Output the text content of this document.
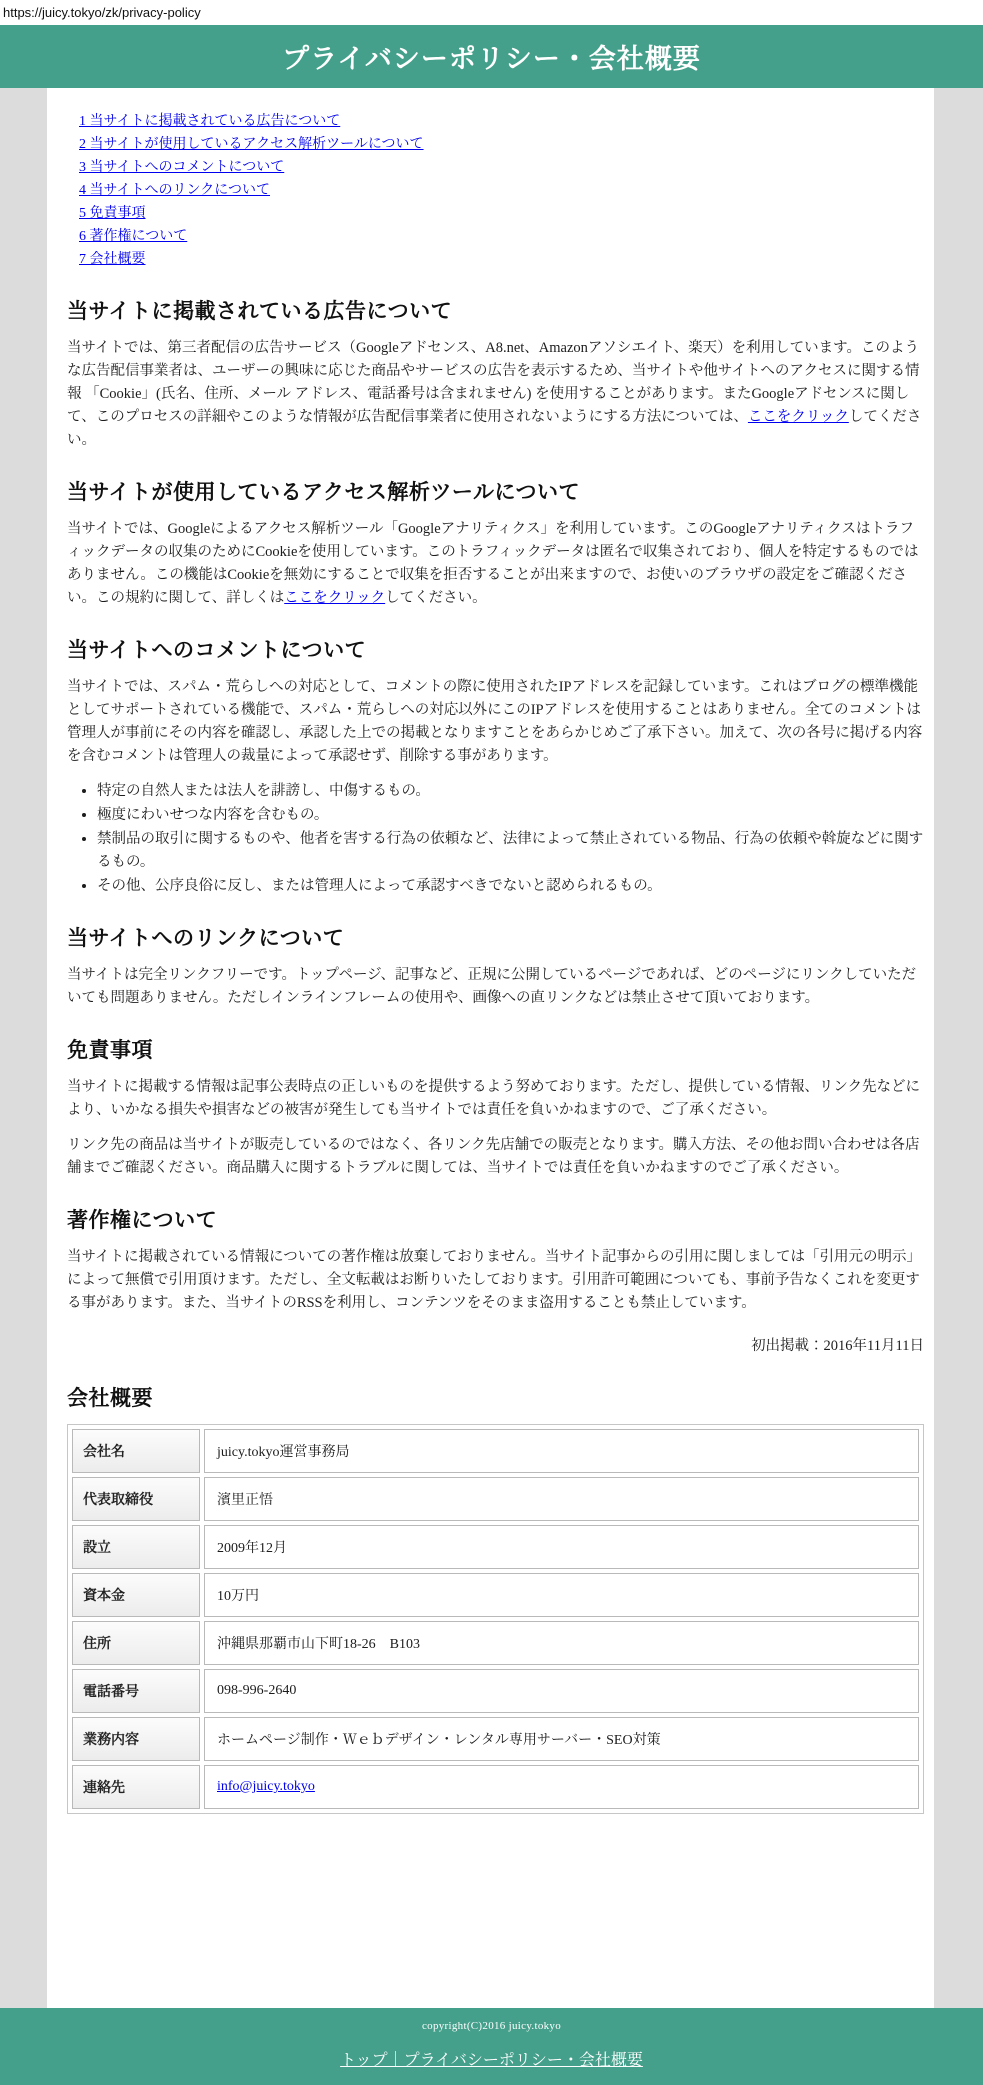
https://juicy.tokyo/zk/privacy-policy
プライバシーポリシー・会社概要
1 当サイトに掲載されている広告について
2 当サイトが使用しているアクセス解析ツールについて
3 当サイトへのコメントについて
4 当サイトへのリンクについて
5 免責事項
6 著作権について
7 会社概要
当サイトに掲載されている広告について

当サイトでは、第三者配信の広告サービス（Googleアドセンス、A8.net、Amazonアソシエイト、楽天）を利用しています。このような広告配信事業者は、ユーザーの興味に応じた商品やサービスの広告を表示するため、当サイトや他サイトへのアクセスに関する情報 「Cookie」(氏名、住所、メール アドレス、電話番号は含まれません) を使用することがあります。またGoogleアドセンスに関して、このプロセスの詳細やこのような情報が広告配信事業者に使用されないようにする方法については、ここをクリックしてください。

当サイトが使用しているアクセス解析ツールについて

当サイトでは、Googleによるアクセス解析ツール「Googleアナリティクス」を利用しています。このGoogleアナリティクスはトラフィックデータの収集のためにCookieを使用しています。このトラフィックデータは匿名で収集されており、個人を特定するものではありません。この機能はCookieを無効にすることで収集を拒否することが出来ますので、お使いのブラウザの設定をご確認ください。この規約に関して、詳しくはここをクリックしてください。

当サイトへのコメントについて

当サイトでは、スパム・荒らしへの対応として、コメントの際に使用されたIPアドレスを記録しています。これはブログの標準機能としてサポートされている機能で、スパム・荒らしへの対応以外にこのIPアドレスを使用することはありません。全てのコメントは管理人が事前にその内容を確認し、承認した上での掲載となりますことをあらかじめご了承下さい。加えて、次の各号に掲げる内容を含むコメントは管理人の裁量によって承認せず、削除する事があります。

• 特定の自然人または法人を誹謗し、中傷するもの。
• 極度にわいせつな内容を含むもの。
• 禁制品の取引に関するものや、他者を害する行為の依頼など、法律によって禁止されている物品、行為の依頼や斡旋などに関するもの。
• その他、公序良俗に反し、または管理人によって承認すべきでないと認められるもの。
当サイトへのリンクについて

当サイトは完全リンクフリーです。トップページ、記事など、正規に公開しているページであれば、どのページにリンクしていただいても問題ありません。ただしインラインフレームの使用や、画像への直リンクなどは禁止させて頂いております。

免責事項

当サイトに掲載する情報は記事公表時点の正しいものを提供するよう努めております。ただし、提供している情報、リンク先などにより、いかなる損失や損害などの被害が発生しても当サイトでは責任を負いかねますので、ご了承ください。

リンク先の商品は当サイトが販売しているのではなく、各リンク先店舗での販売となります。購入方法、その他お問い合わせは各店舗までご確認ください。商品購入に関するトラブルに関しては、当サイトでは責任を負いかねますのでご了承ください。

著作権について

当サイトに掲載されている情報についての著作権は放棄しておりません。当サイト記事からの引用に関しましては「引用元の明示」によって無償で引用頂けます。ただし、全文転載はお断りいたしております。引用許可範囲についても、事前予告なくこれを変更する事があります。また、当サイトのRSSを利用し、コンテンツをそのまま盗用することも禁止しています。

初出掲載：2016年11月11日

会社概要
会社名	juicy.tokyo運営事務局
代表取締役	濱里正悟
設立	2009年12月
資本金	10万円
住所	沖縄県那覇市山下町18-26　B103
電話番号	098-996-2640
業務内容	ホームページ制作・Ｗｅｂデザイン・レンタル専用サーバー・SEO対策
連絡先	info@juicy.tokyo
copyright(C)2016 juicy.tokyo
トップ｜プライバシーポリシー・会社概要
